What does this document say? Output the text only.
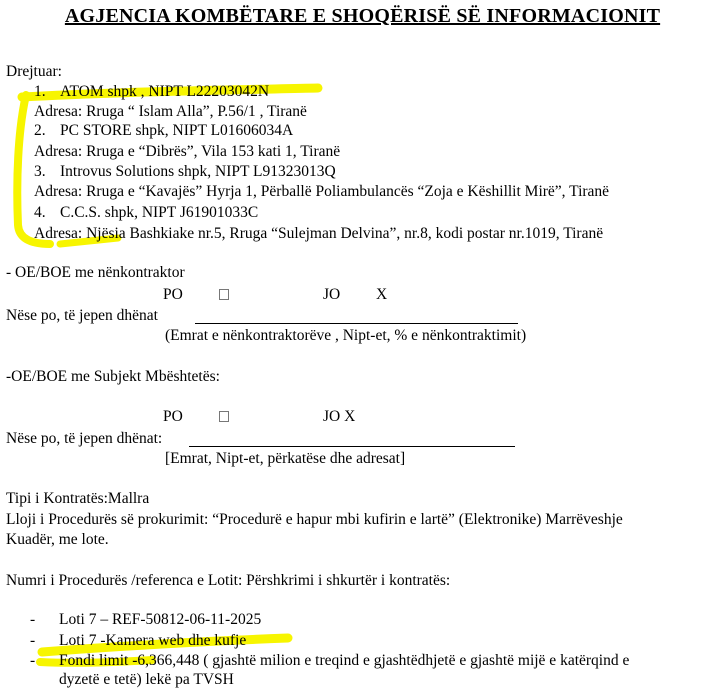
AGJENCIA KOMBËTARE E SHOQËRISË SË INFORMACIONIT
Drejtuar:
1. ATOM shpk , NIPT L22203042N
Adresa: Rruga “ Islam Alla”, P.56/1 , Tiranë
2. PC STORE shpk, NIPT L01606034A
Adresa: Rruga e “Dibrës”, Vila 153 kati 1, Tiranë
3. Introvus Solutions shpk, NIPT L91323013Q
Adresa: Rruga e “Kavajës” Hyrja 1, Përballë Poliambulancës “Zoja e Këshillit Mirë”, Tiranë
4. C.C.S. shpk, NIPT J61901033C
Adresa: Njësia Bashkiake nr.5, Rruga “Sulejman Delvina”, nr.8, kodi postar nr.1019, Tiranë
- OE/BOE me nënkontraktor
PO	JO X
Nëse po, të jepen dhënat
(Emrat e nënkontraktorëve , Nipt-et, % e nënkontraktimit)
-OE/BOE me Subjekt Mbështetës:
PO	JO X
Nëse po, të jepen dhënat:
[Emrat, Nipt-et, përkatëse dhe adresat]
Tipi i Kontratës:Mallra
Lloji i Procedurës së prokurimit: “Procedurë e hapur mbi kufirin e lartë” (Elektronike) Marrëveshje
Kuadër, me lote.
Numri i Procedurës /referenca e Lotit: Përshkrimi i shkurtër i kontratës:
- Loti 7 – REF-50812-06-11-2025
- Loti 7 -Kamera web dhe kufje
- Fondi limit -6,366,448 ( gjashtë milion e treqind e gjashtëdhjetë e gjashtë mijë e katërqind e
dyzetë e tetë) lekë pa TVSH
